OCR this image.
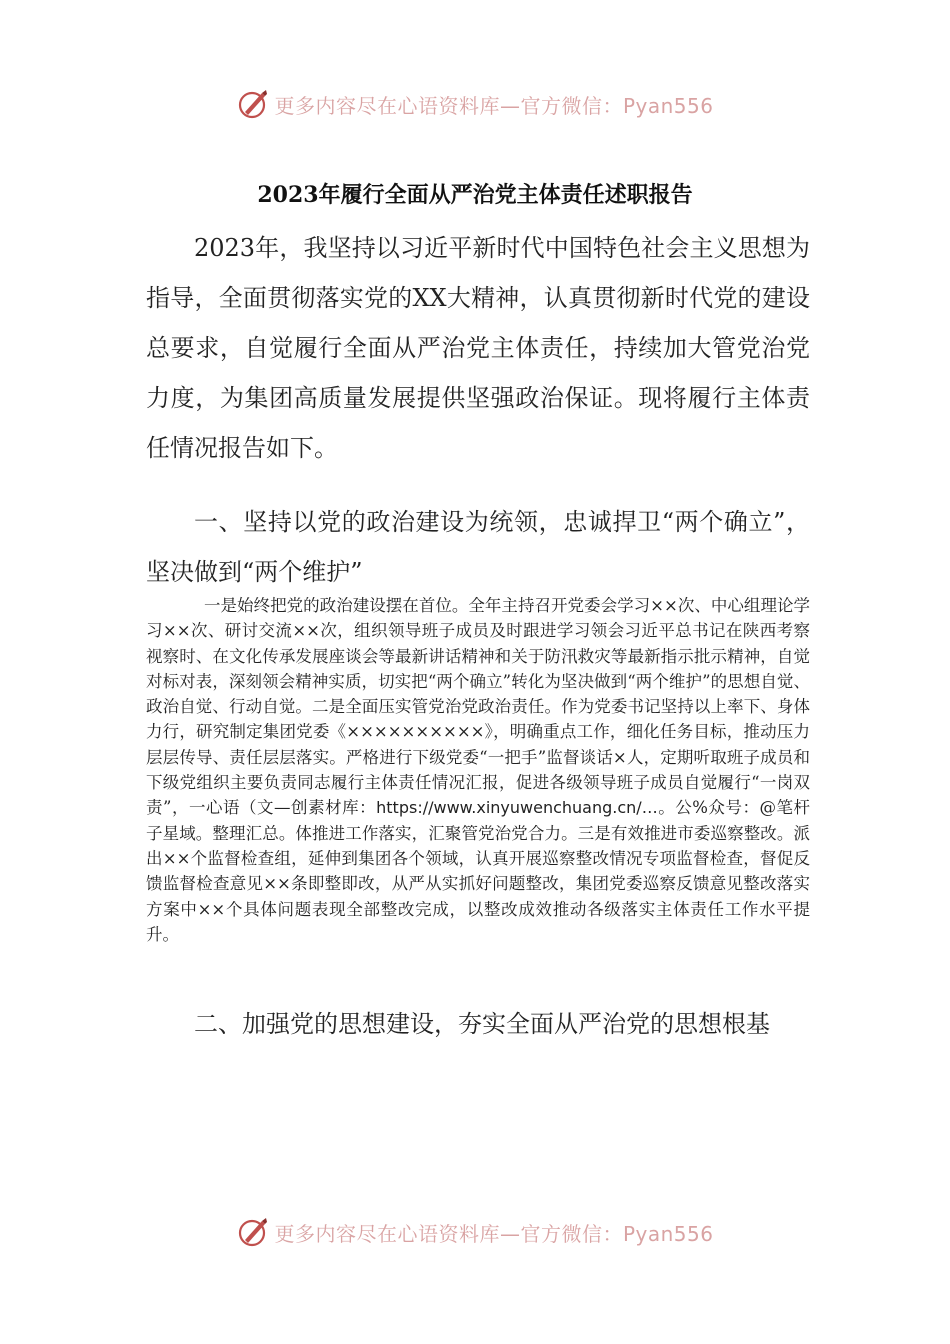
更多内容尽在心语资料库—官方微信：Pyan556
2023年履行全面从严治党主体责任述职报告

2023年，我坚持以习近平新时代中国特色社会主义思想为指导，全面贯彻落实党的XX大精神，认真贯彻新时代党的建设总要求，自觉履行全面从严治党主体责任，持续加大管党治党力度，为集团高质量发展提供坚强政治保证。现将履行主体责任情况报告如下。

一、坚持以党的政治建设为统领，忠诚捍卫“两个确立”，坚决做到“两个维护”

一是始终把党的政治建设摆在首位。全年主持召开党委会学习××次、中心组理论学习××次、研讨交流××次，组织领导班子成员及时跟进学习领会习近平总书记在陕西考察视察时、在文化传承发展座谈会等最新讲话精神和关于防汛救灾等最新指示批示精神，自觉对标对表，深刻领会精神实质，切实把“两个确立”转化为坚决做到“两个维护”的思想自觉、政治自觉、行动自觉。二是全面压实管党治党政治责任。作为党委书记坚持以上率下、身体力行，研究制定集团党委《××××××××××》，明确重点工作，细化任务目标，推动压力层层传导、责任层层落实。严格进行下级党委“一把手”监督谈话×人，定期听取班子成员和下级党组织主要负责同志履行主体责任情况汇报，促进各级领导班子成员自觉履行“一岗双责”，一心语（文—创素材库：https://www.xinyuwenchuang.cn/…。公%众号：@笔杆子星域。整理汇总。体推进工作落实，汇聚管党治党合力。三是有效推进市委巡察整改。派出××个监督检查组，延伸到集团各个领域，认真开展巡察整改情况专项监督检查，督促反馈监督检查意见××条即整即改，从严从实抓好问题整改，集团党委巡察反馈意见整改落实方案中××个具体问题表现全部整改完成，以整改成效推动各级落实主体责任工作水平提升。

二、加强党的思想建设，夯实全面从严治党的思想根基

更多内容尽在心语资料库—官方微信：Pyan556
